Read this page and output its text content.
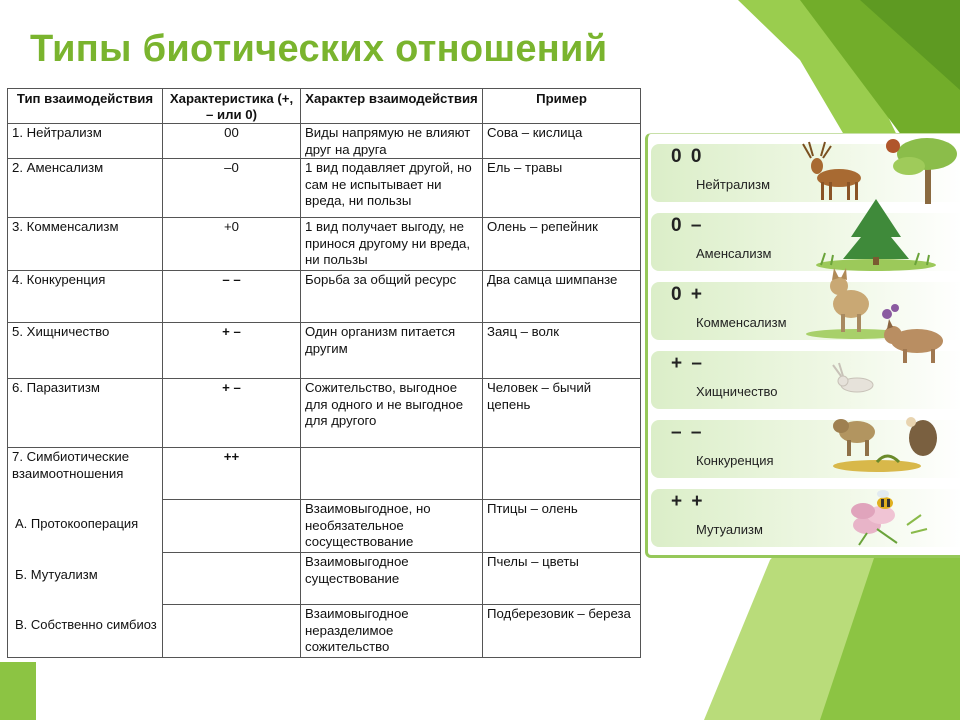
Типы биотических отношений
Тип взаимодействия	Характеристика (+, – или 0)	Характер взаимодействия	Пример
1. Нейтрализм	00	Виды напрямую не влияют друг на друга	Сова – кислица
2. Аменсализм	–0	1 вид подавляет другой, но сам не испытывает ни вреда, ни пользы	Ель – травы
3. Комменсализм	+0	1 вид получает выгоду, не принося другому ни вреда, ни пользы	Олень – репейник
4. Конкуренция	– –	Борьба за общий ресурс	Два самца шимпанзе
5. Хищничество	+ –	Один организм питается другим	Заяц – волк
6. Паразитизм	+ –	Сожительство, выгодное для одного и не выгодное для другого	Человек – бычий цепень
7. Симбиотические взаимоотношения	++		
А. Протокооперация		Взаимовыгодное, но необязательное сосуществование	Птицы – олень
Б. Мутуализм		Взаимовыгодное существование	Пчелы – цветы
В. Собственно симбиоз		Взаимовыгодное неразделимое сожительство	Подберезовик – береза
0 0
Нейтрализм
0 –
Аменсализм
0 +
Комменсализм
+ –
Хищничество
– –
Конкуренция
+ +
Мутуализм
